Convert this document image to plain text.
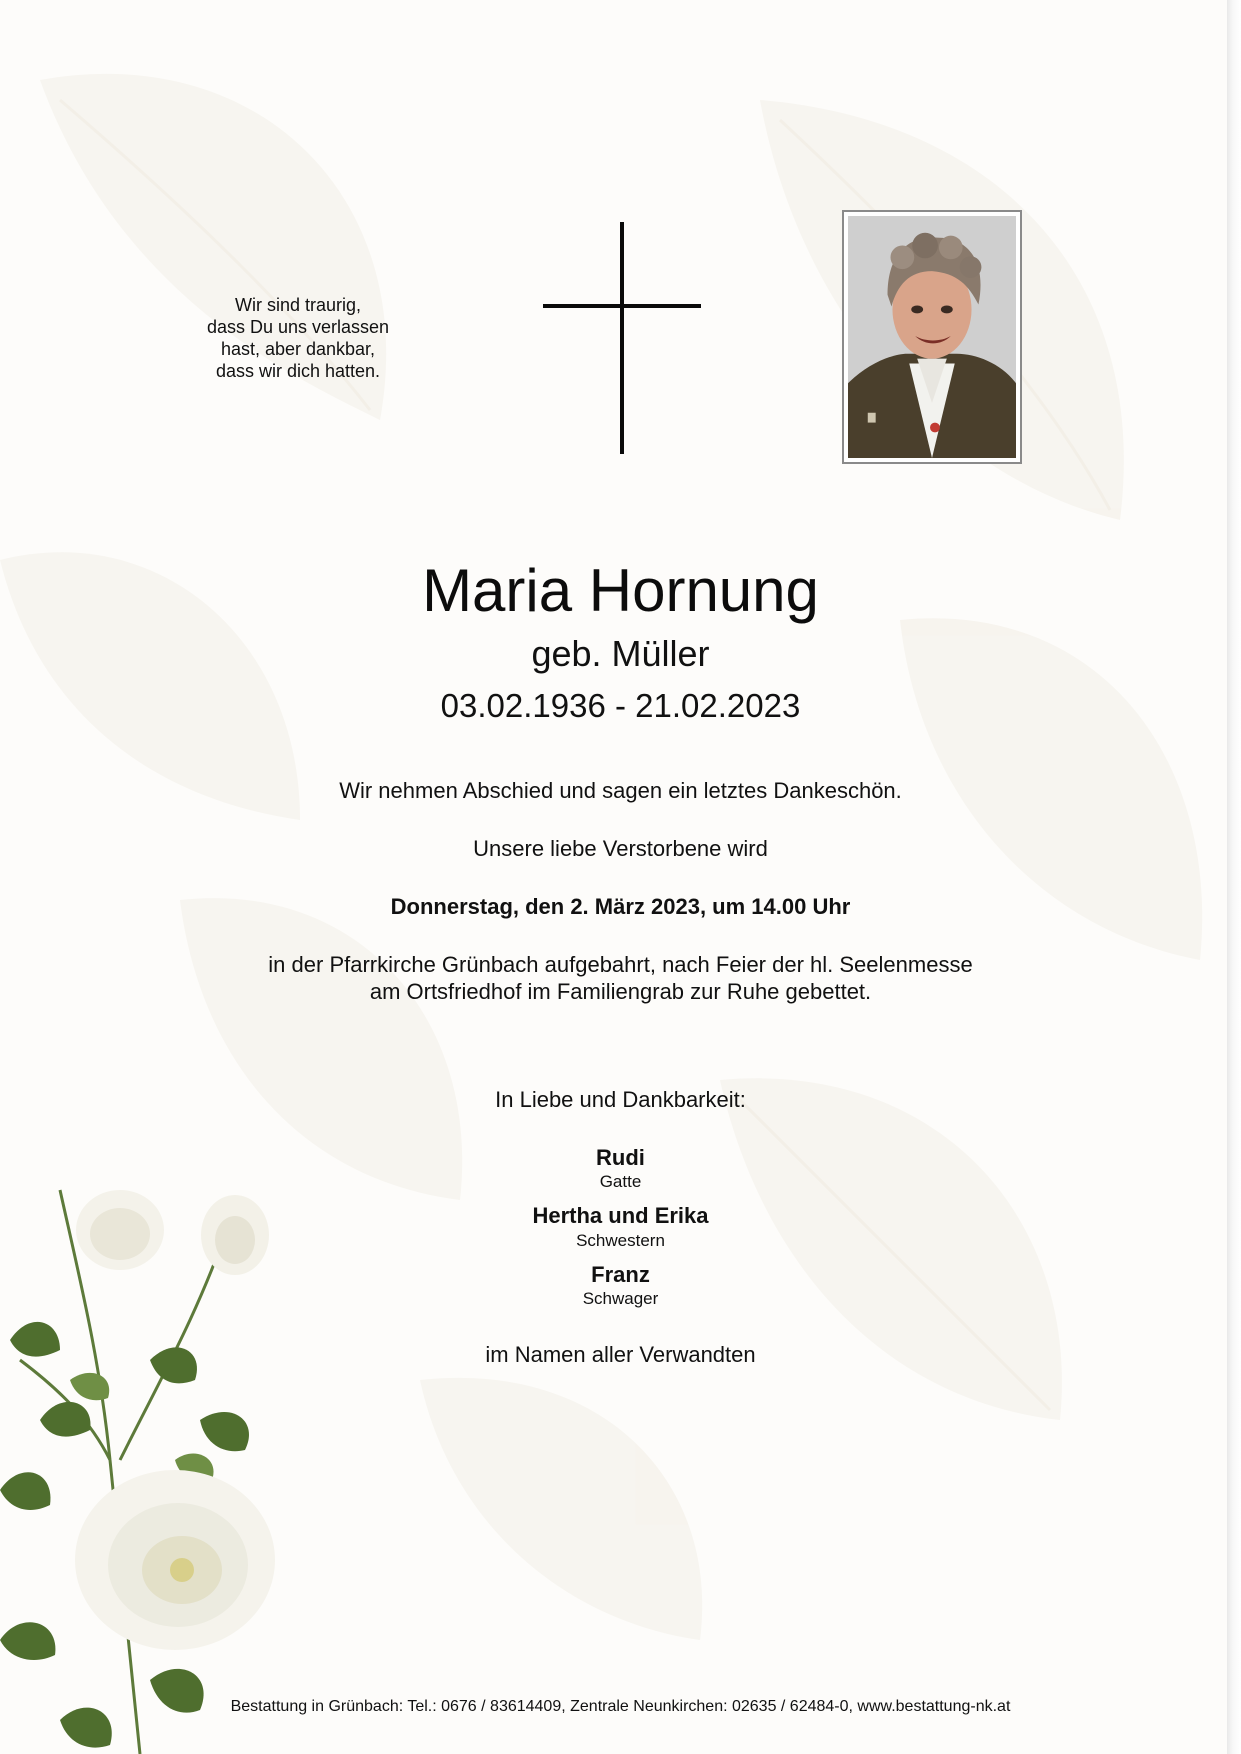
Wir sind traurig,
dass Du uns verlassen
hast, aber dankbar,
dass wir dich hatten.
Maria Hornung
geb. Müller
03.02.1936 - 21.02.2023
Wir nehmen Abschied und sagen ein letztes Dankeschön.
Unsere liebe Verstorbene wird
Donnerstag, den 2. März 2023, um 14.00 Uhr
in der Pfarrkirche Grünbach aufgebahrt, nach Feier der hl. Seelenmesse
am Ortsfriedhof im Familiengrab zur Ruhe gebettet.
In Liebe und Dankbarkeit:
Rudi
Gatte
Hertha und Erika
Schwestern
Franz
Schwager
im Namen aller Verwandten
Bestattung in Grünbach: Tel.: 0676 / 83614409, Zentrale Neunkirchen: 02635 / 62484-0, www.bestattung-nk.at
